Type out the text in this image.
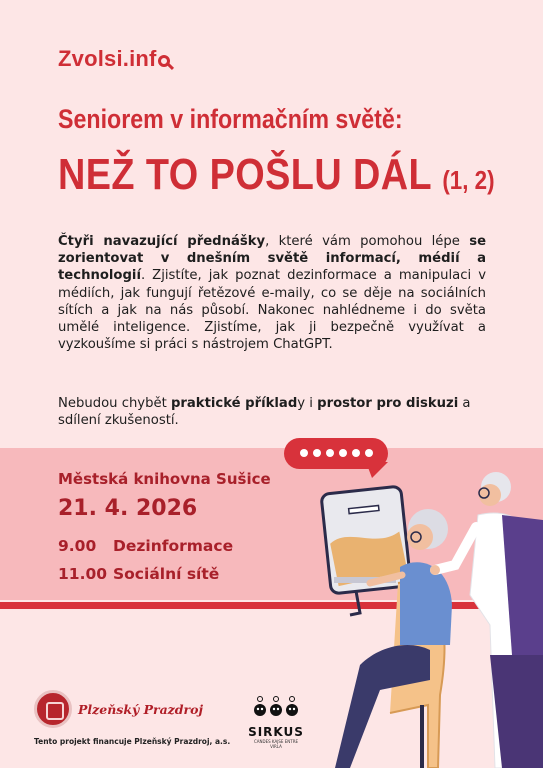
Zvolsi.inf
Seniorem v informačním světě:
NEŽ TO POŠLU DÁL (1, 2)
Čtyři navazující přednášky, které vám pomohou lépe se zorientovat v dnešním světě informací, médií a technologií. Zjistíte, jak poznat dezinformace a manipulaci v médiích, jak fungují řetězové e-maily, co se děje na sociálních sítích a jak na nás působí. Nakonec nahlédneme i do světa umělé inteligence. Zjistíme, jak ji bezpečně využívat a vyzkoušíme si práci s nástrojem ChatGPT.
Nebudou chybět praktické příklady i prostor pro diskuzi a sdílení zkušeností.
Městská knihovna Sušice
21. 4. 2026
9.00 Dezinformace
11.00 Sociální sítě
Plzeňský Prazdroj
Tento projekt financuje Plzeňský Prazdroj, a.s.
SIRKUS
CANDES KAJSE ENTRE VIRLA
